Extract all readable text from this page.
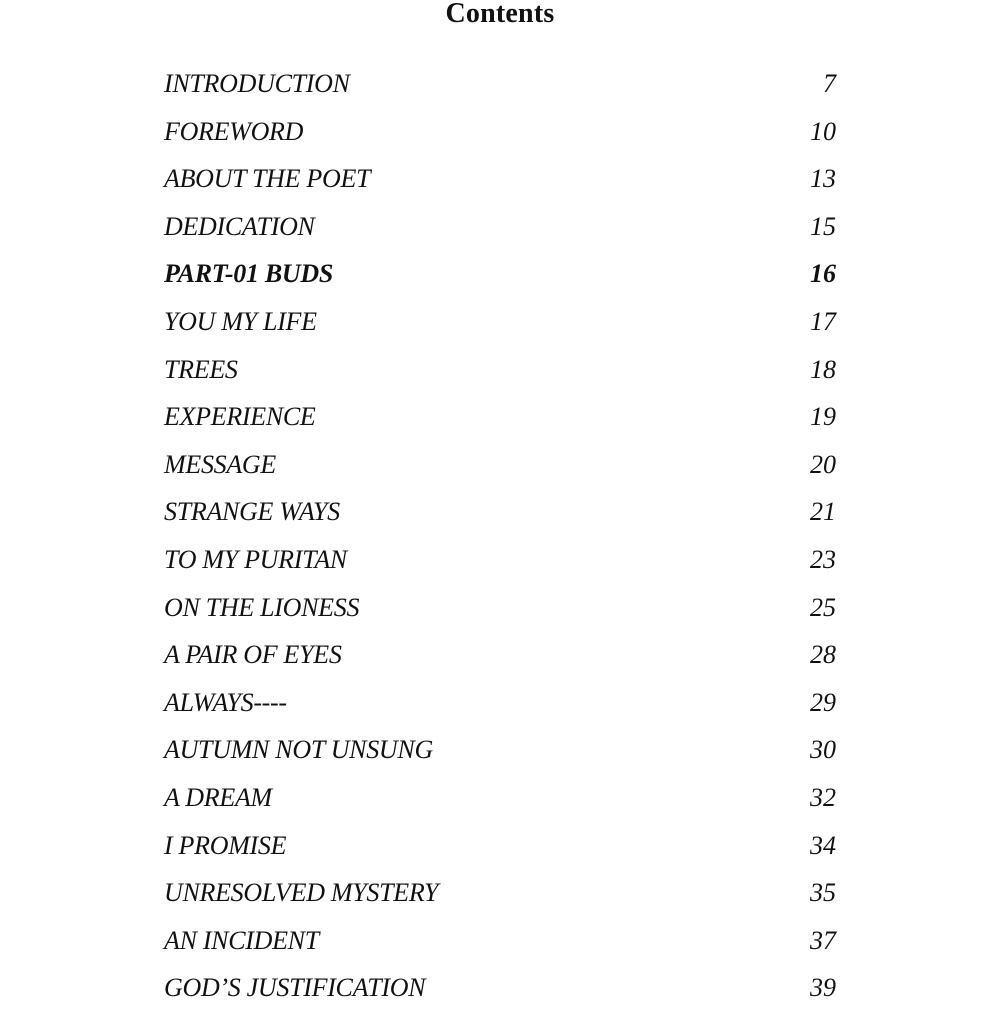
Contents
INTRODUCTION	7
FOREWORD	10
ABOUT THE POET	13
DEDICATION	15
PART-01 BUDS	16
YOU MY LIFE	17
TREES	18
EXPERIENCE	19
MESSAGE	20
STRANGE WAYS	21
TO MY PURITAN	23
ON THE LIONESS	25
A PAIR OF EYES	28
ALWAYS----	29
AUTUMN NOT UNSUNG	30
A DREAM	32
I PROMISE	34
UNRESOLVED MYSTERY	35
AN INCIDENT	37
GOD’S JUSTIFICATION	39
